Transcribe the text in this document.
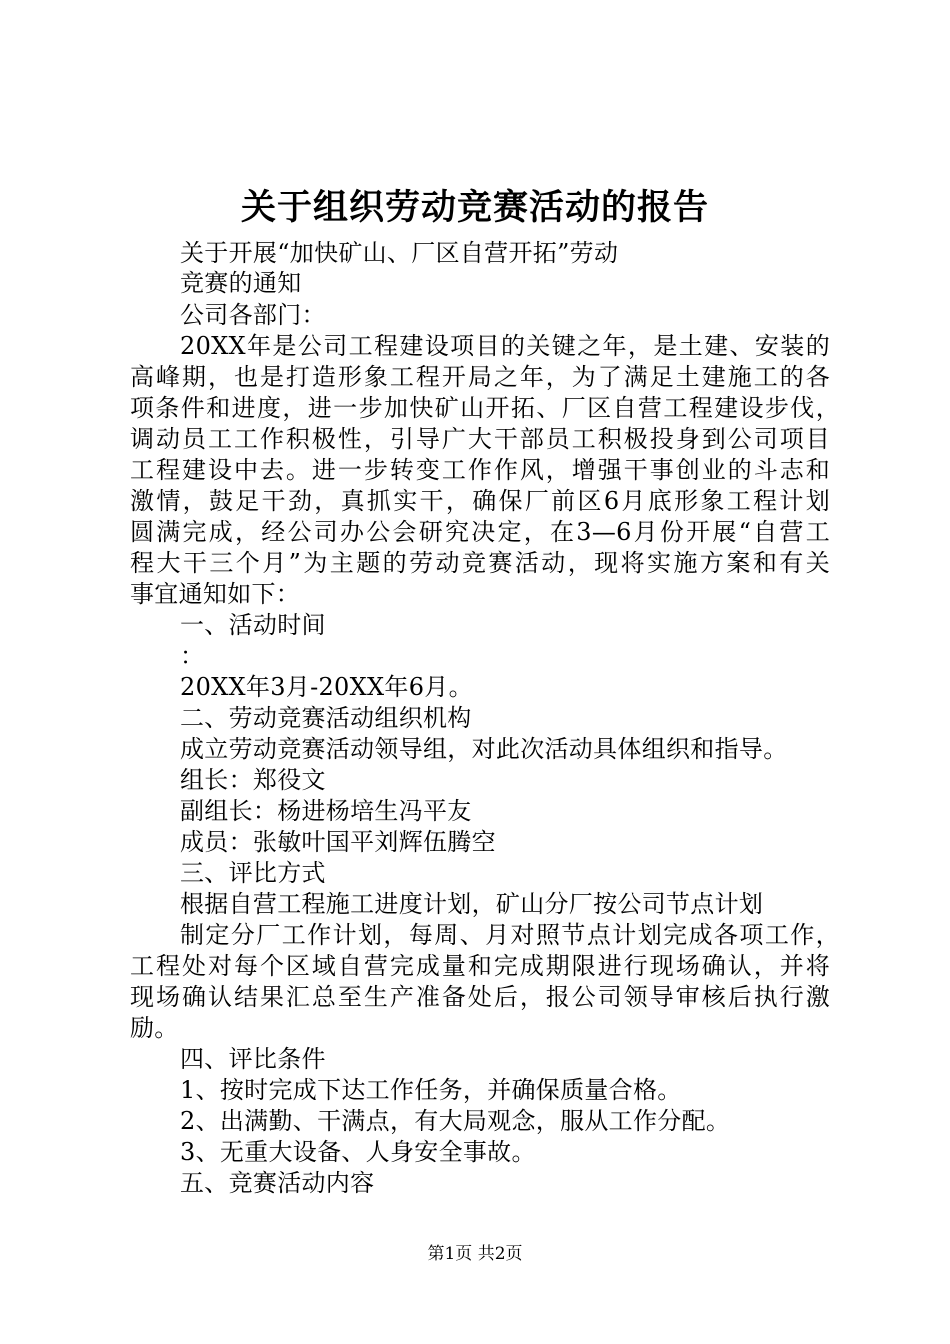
关于组织劳动竞赛活动的报告
关于开展“加快矿山、厂区自营开拓”劳动
竞赛的通知
公司各部门：
20XX年是公司工程建设项目的关键之年，是土建、安装的
高峰期，也是打造形象工程开局之年，为了满足土建施工的各
项条件和进度，进一步加快矿山开拓、厂区自营工程建设步伐，
调动员工工作积极性，引导广大干部员工积极投身到公司项目
工程建设中去。进一步转变工作作风，增强干事创业的斗志和
激情，鼓足干劲，真抓实干，确保厂前区6月底形象工程计划
圆满完成，经公司办公会研究决定，在3—6月份开展“自营工
程大干三个月”为主题的劳动竞赛活动，现将实施方案和有关
事宜通知如下：
一、活动时间
：
20XX年3月-20XX年6月。
二、劳动竞赛活动组织机构
成立劳动竞赛活动领导组，对此次活动具体组织和指导。
组长：郑役文
副组长：杨进杨培生冯平友
成员：张敏叶国平刘辉伍腾空
三、评比方式
根据自营工程施工进度计划，矿山分厂按公司节点计划
制定分厂工作计划，每周、月对照节点计划完成各项工作，
工程处对每个区域自营完成量和完成期限进行现场确认，并将
现场确认结果汇总至生产准备处后，报公司领导审核后执行激
励。
四、评比条件
1、按时完成下达工作任务，并确保质量合格。
2、出满勤、干满点，有大局观念，服从工作分配。
3、无重大设备、人身安全事故。
五、竞赛活动内容
第1页 共2页
